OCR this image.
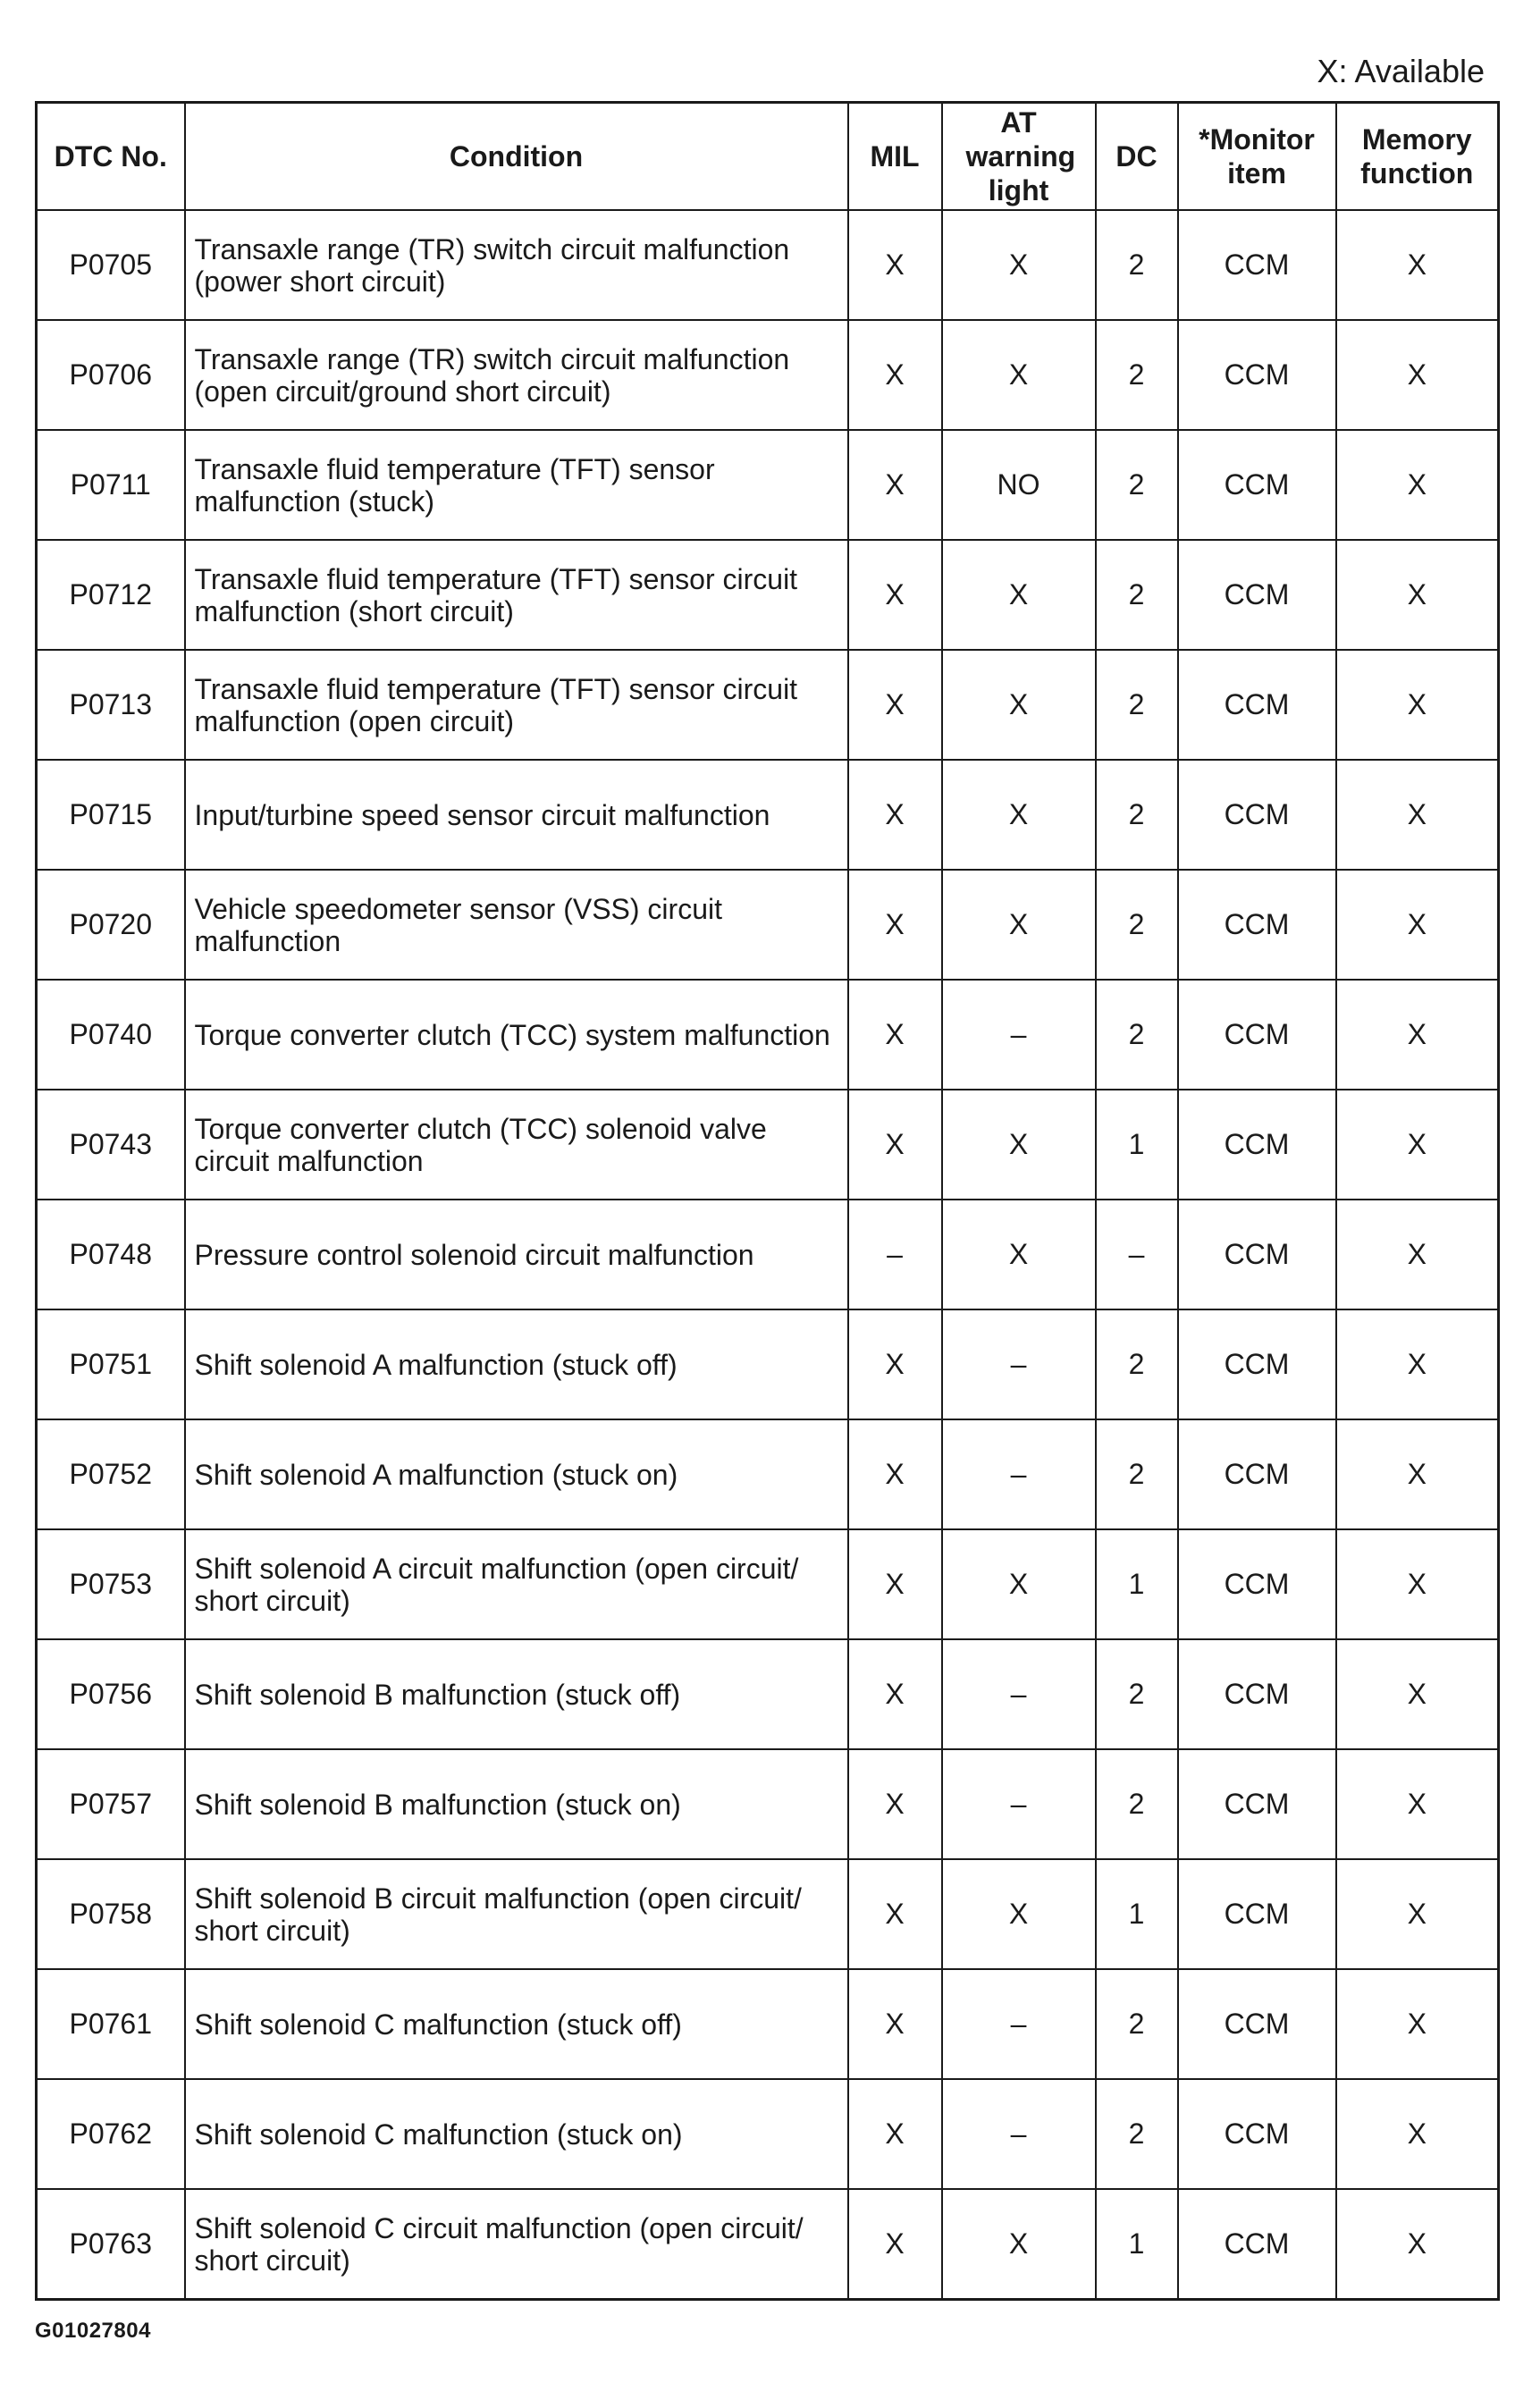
X: Available
DTC No.	Condition	MIL	AT warning light	DC	*Monitor item	Memory function
P0705	Transaxle range (TR) switch circuit malfunction (power short circuit)	X	X	2	CCM	X
P0706	Transaxle range (TR) switch circuit malfunction (open circuit/ground short circuit)	X	X	2	CCM	X
P0711	Transaxle fluid temperature (TFT) sensor malfunction (stuck)	X	NO	2	CCM	X
P0712	Transaxle fluid temperature (TFT) sensor circuit malfunction (short circuit)	X	X	2	CCM	X
P0713	Transaxle fluid temperature (TFT) sensor circuit malfunction (open circuit)	X	X	2	CCM	X
P0715	Input/turbine speed sensor circuit malfunction	X	X	2	CCM	X
P0720	Vehicle speedometer sensor (VSS) circuit malfunction	X	X	2	CCM	X
P0740	Torque converter clutch (TCC) system malfunction	X	–	2	CCM	X
P0743	Torque converter clutch (TCC) solenoid valve circuit malfunction	X	X	1	CCM	X
P0748	Pressure control solenoid circuit malfunction	–	X	–	CCM	X
P0751	Shift solenoid A malfunction (stuck off)	X	–	2	CCM	X
P0752	Shift solenoid A malfunction (stuck on)	X	–	2	CCM	X
P0753	Shift solenoid A circuit malfunction (open circuit/ short circuit)	X	X	1	CCM	X
P0756	Shift solenoid B malfunction (stuck off)	X	–	2	CCM	X
P0757	Shift solenoid B malfunction (stuck on)	X	–	2	CCM	X
P0758	Shift solenoid B circuit malfunction (open circuit/ short circuit)	X	X	1	CCM	X
P0761	Shift solenoid C malfunction (stuck off)	X	–	2	CCM	X
P0762	Shift solenoid C malfunction (stuck on)	X	–	2	CCM	X
P0763	Shift solenoid C circuit malfunction (open circuit/ short circuit)	X	X	1	CCM	X
G01027804
